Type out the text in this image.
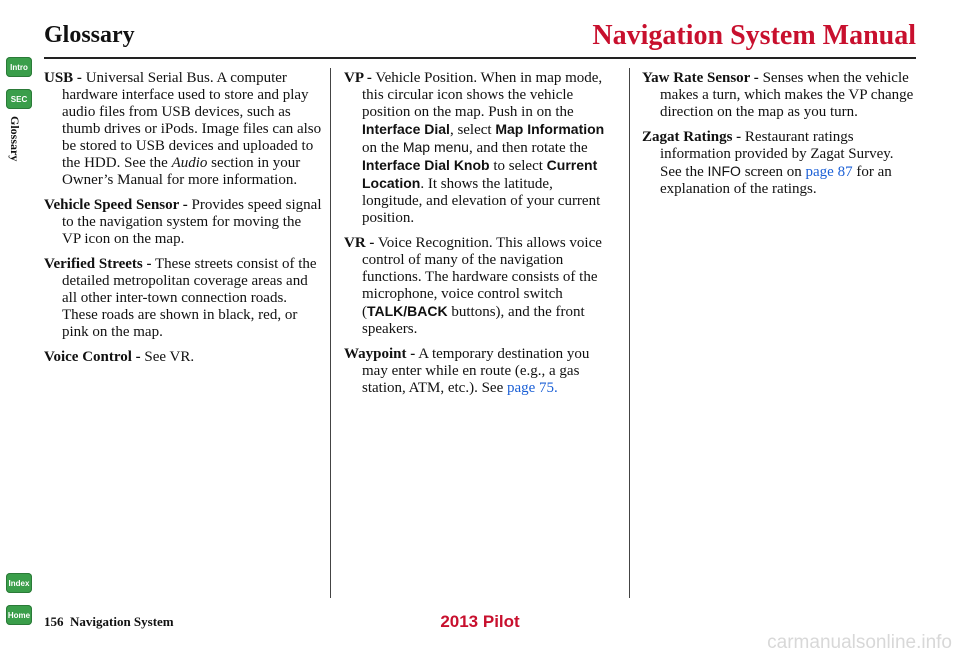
Glossary	Navigation System Manual
Intro
SEC
Glossary
Index
Home

USB - Universal Serial Bus. A computer hardware interface used to store and play audio files from USB devices, such as thumb drives or iPods. Image files can also be stored to USB devices and uploaded to the HDD. See the Audio section in your Owner’s Manual for more information.

Vehicle Speed Sensor - Provides speed signal to the navigation system for moving the VP icon on the map.

Verified Streets - These streets consist of the detailed metropolitan coverage areas and all other inter-town connection roads. These roads are shown in black, red, or pink on the map.

Voice Control - See VR.

VP - Vehicle Position. When in map mode, this circular icon shows the vehicle position on the map. Push in on the Interface Dial, select Map Information on the Map menu, and then rotate the Interface Dial Knob to select Current Location. It shows the latitude, longitude, and elevation of your current position.

VR - Voice Recognition. This allows voice control of many of the navigation functions. The hardware consists of the microphone, voice control switch (TALK/BACK buttons), and the front speakers.

Waypoint - A temporary destination you may enter while en route (e.g., a gas station, ATM, etc.). See page 75.

Yaw Rate Sensor - Senses when the vehicle makes a turn, which makes the VP change direction on the map as you turn.

Zagat Ratings - Restaurant ratings information provided by Zagat Survey. See the INFO screen on page 87 for an explanation of the ratings.

156 Navigation System	2013 Pilot
carmanualsonline.info
